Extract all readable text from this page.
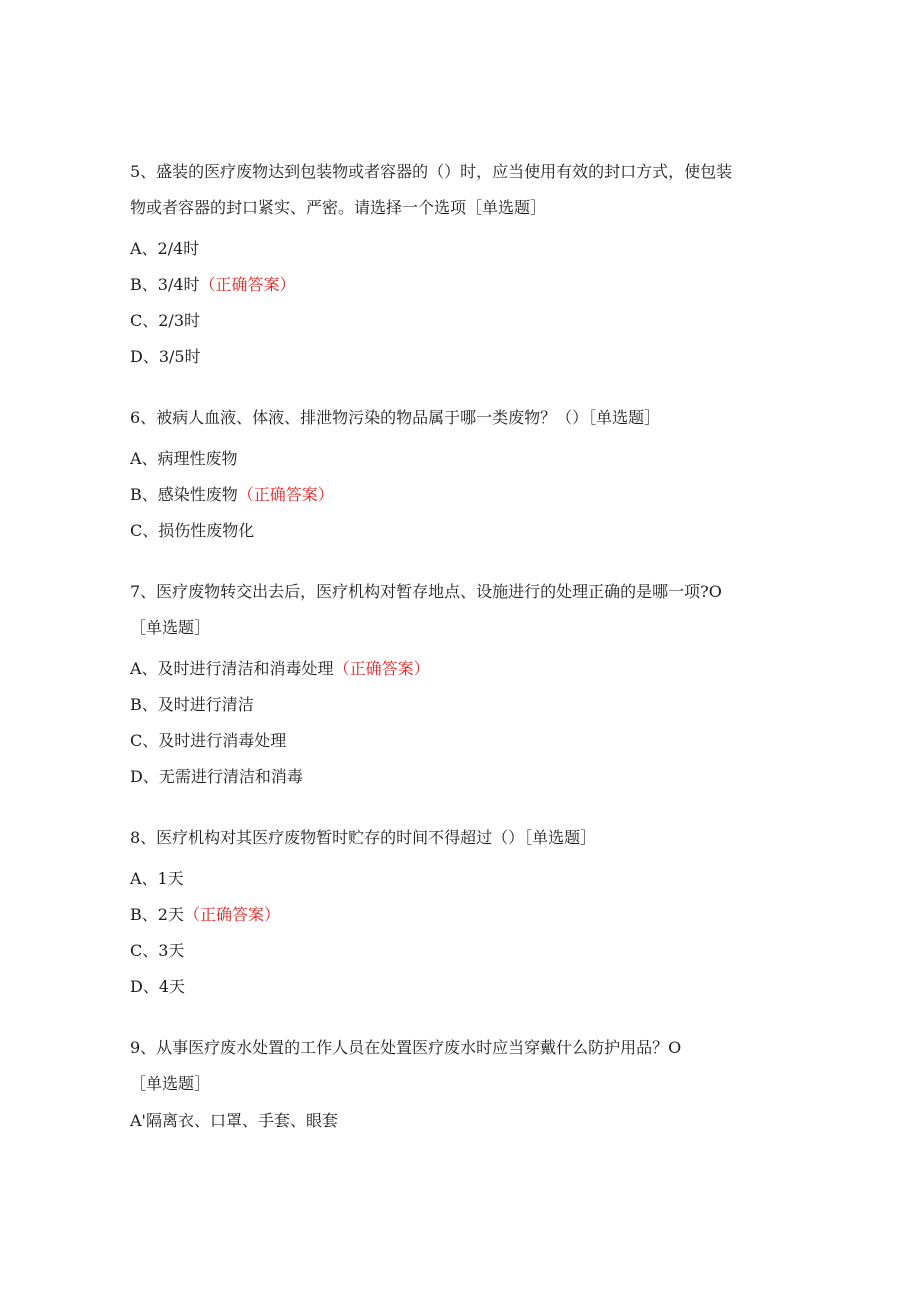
5、盛装的医疗废物达到包装物或者容器的（）时，应当使用有效的封口方式，使包装
物或者容器的封口紧实、严密。请选择一个选项［单选题］
A、2/4时
B、3/4时（正确答案）
C、2/3时
D、3/5时
6、被病人血液、体液、排泄物污染的物品属于哪一类废物？（）［单选题］
A、病理性废物
B、感染性废物（正确答案）
C、损伤性废物化
7、医疗废物转交出去后，医疗机构对暂存地点、设施进行的处理正确的是哪一项?O
［单选题］
A、及时进行清洁和消毒处理（正确答案）
B、及时进行清洁
C、及时进行消毒处理
D、无需进行清洁和消毒
8、医疗机构对其医疗废物暂时贮存的时间不得超过（）［单选题］
A、1天
B、2天（正确答案）
C、3天
D、4天
9、从事医疗废水处置的工作人员在处置医疗废水时应当穿戴什么防护用品？O
［单选题］
A'隔离衣、口罩、手套、眼套
